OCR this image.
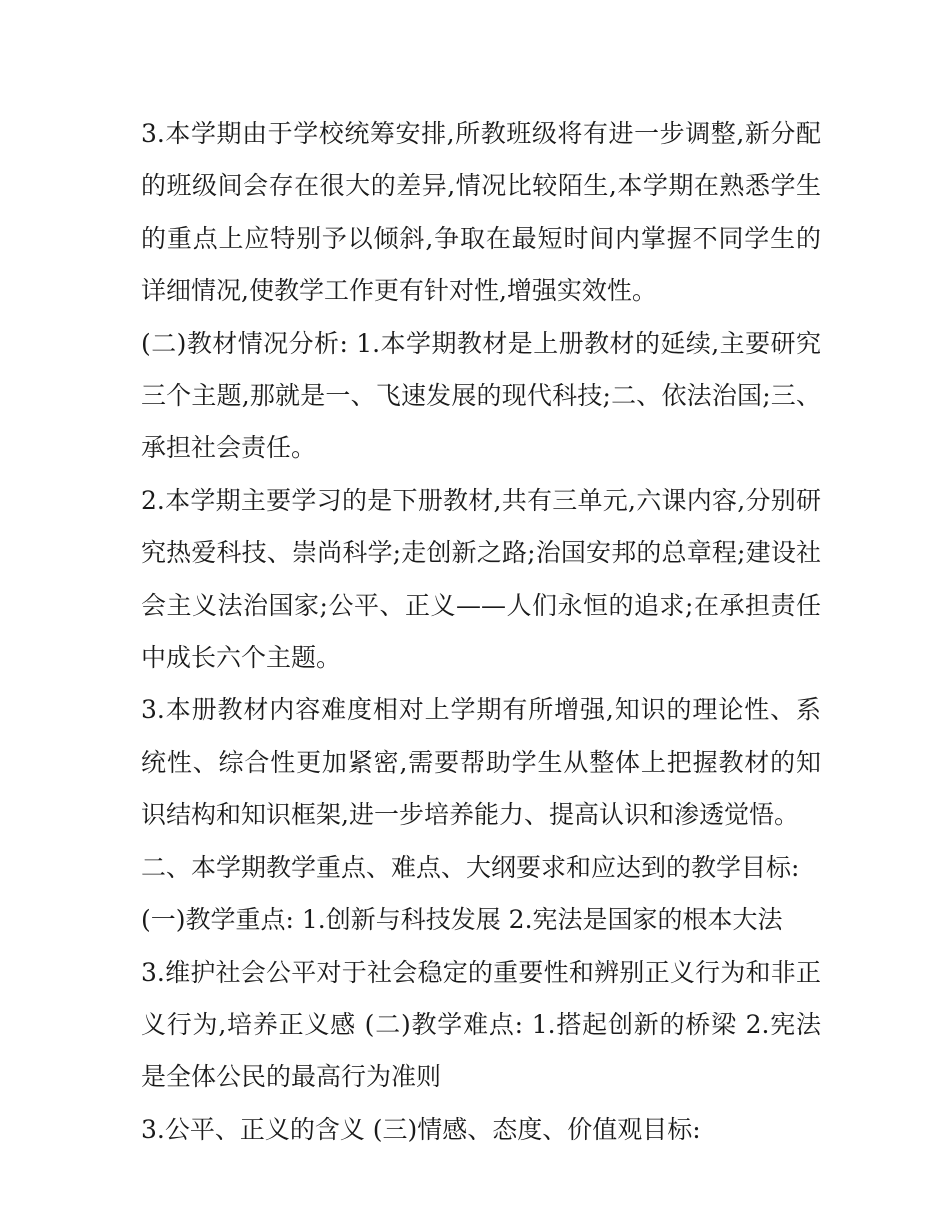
3.本学期由于学校统筹安排,所教班级将有进一步调整,新分配的班级间会存在很大的差异,情况比较陌生,本学期在熟悉学生的重点上应特别予以倾斜,争取在最短时间内掌握不同学生的详细情况,使教学工作更有针对性,增强实效性。

(二)教材情况分析: 1.本学期教材是上册教材的延续,主要研究三个主题,那就是一、飞速发展的现代科技;二、依法治国;三、承担社会责任。

2.本学期主要学习的是下册教材,共有三单元,六课内容,分别研究热爱科技、崇尚科学;走创新之路;治国安邦的总章程;建设社会主义法治国家;公平、正义——人们永恒的追求;在承担责任中成长六个主题。

3.本册教材内容难度相对上学期有所增强,知识的理论性、系统性、综合性更加紧密,需要帮助学生从整体上把握教材的知识结构和知识框架,进一步培养能力、提高认识和渗透觉悟。

二、本学期教学重点、难点、大纲要求和应达到的教学目标:

(一)教学重点: 1.创新与科技发展 2.宪法是国家的根本大法

3.维护社会公平对于社会稳定的重要性和辨别正义行为和非正义行为,培养正义感 (二)教学难点: 1.搭起创新的桥梁 2.宪法是全体公民的最高行为准则

3.公平、正义的含义 (三)情感、态度、价值观目标:
